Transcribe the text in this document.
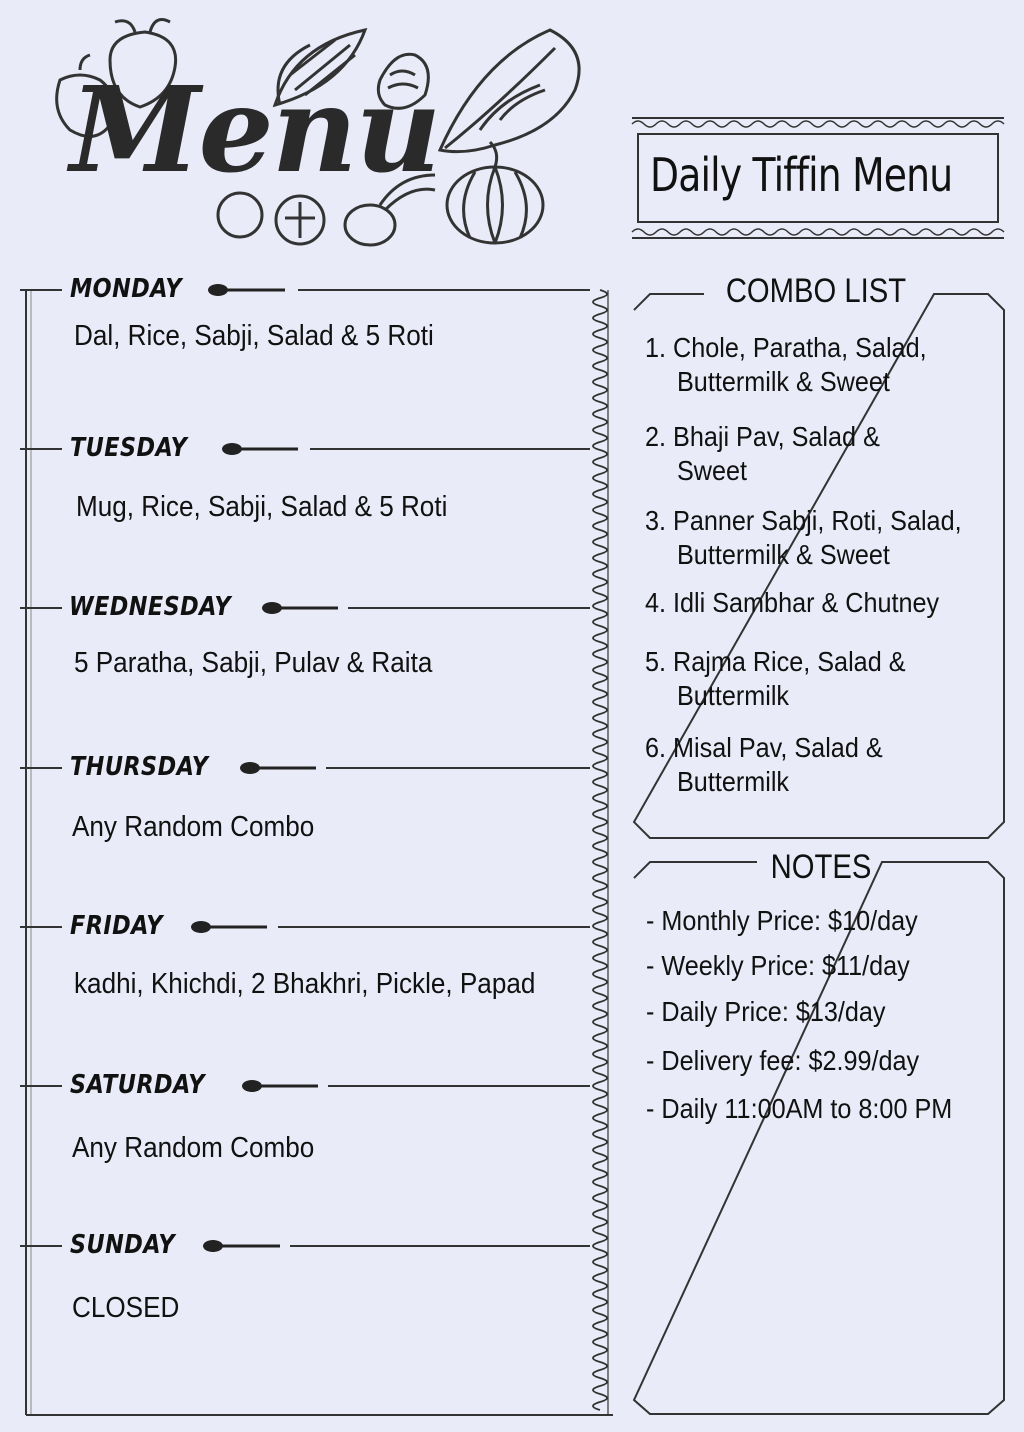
Menu	Daily Tiffin Menu
MONDAY
Dal, Rice, Sabji, Salad & 5 Roti
TUESDAY
Mug, Rice, Sabji, Salad & 5 Roti
WEDNESDAY
5 Paratha, Sabji, Pulav & Raita
THURSDAY
Any Random Combo
FRIDAY
kadhi, Khichdi, 2 Bhakhri, Pickle, Papad
SATURDAY
Any Random Combo
SUNDAY
CLOSED
COMBO LIST
1. Chole, Paratha, Salad,
Buttermilk & Sweet
2. Bhaji Pav, Salad &
Sweet
3. Panner Sabji, Roti, Salad,
Buttermilk & Sweet
4. Idli Sambhar & Chutney
5. Rajma Rice, Salad &
Buttermilk
6. Misal Pav, Salad &
Buttermilk
NOTES
- Monthly Price: $10/day
- Weekly Price: $11/day
- Daily Price: $13/day
- Delivery fee: $2.99/day
- Daily 11:00AM to 8:00 PM
